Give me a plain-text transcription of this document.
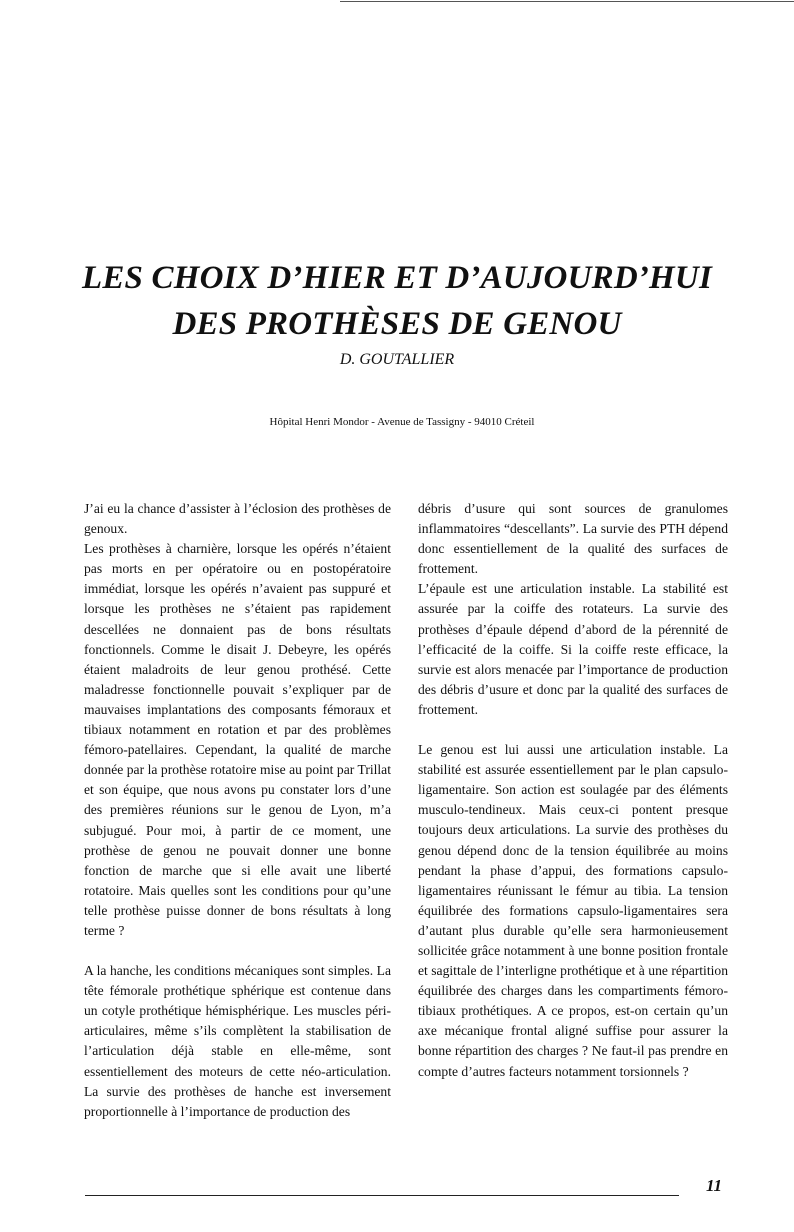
LES CHOIX D’HIER ET D’AUJOURD’HUI
DES PROTHÈSES DE GENOU

D. GOUTALLIER

Hôpital Henri Mondor - Avenue de Tassigny - 94010 Créteil

J’ai eu la chance d’assister à l’éclosion des prothèses de genoux.

Les prothèses à charnière, lorsque les opérés n’étaient pas morts en per opératoire ou en postopératoire immédiat, lorsque les opérés n’avaient pas suppuré et lorsque les prothèses ne s’étaient pas rapidement descellées ne donnaient pas de bons résultats fonctionnels. Comme le disait J. Debeyre, les opérés étaient maladroits de leur genou prothésé. Cette maladresse fonctionnelle pouvait s’expliquer par de mauvaises implantations des composants fémoraux et tibiaux notamment en rotation et par des problèmes fémoro-patellaires. Cependant, la qualité de marche donnée par la prothèse rotatoire mise au point par Trillat et son équipe, que nous avons pu constater lors d’une des premières réunions sur le genou de Lyon, m’a subjugué. Pour moi, à partir de ce moment, une prothèse de genou ne pouvait donner une bonne fonction de marche que si elle avait une liberté rotatoire. Mais quelles sont les conditions pour qu’une telle prothèse puisse donner de bons résultats à long terme ?

A la hanche, les conditions mécaniques sont simples. La tête fémorale prothétique sphérique est contenue dans un cotyle prothétique hémisphérique. Les muscles péri-articulaires, même s’ils complètent la stabilisation de l’articulation déjà stable en elle-même, sont essentiellement des moteurs de cette néo-articulation. La survie des prothèses de hanche est inversement proportionnelle à l’importance de production des

débris d’usure qui sont sources de granulomes inflammatoires “descellants”. La survie des PTH dépend donc essentiellement de la qualité des surfaces de frottement.

L’épaule est une articulation instable. La stabilité est assurée par la coiffe des rotateurs. La survie des prothèses d’épaule dépend d’abord de la pérennité de l’efficacité de la coiffe. Si la coiffe reste efficace, la survie est alors menacée par l’importance de production des débris d’usure et donc par la qualité des surfaces de frottement.

Le genou est lui aussi une articulation instable. La stabilité est assurée essentiellement par le plan capsulo-ligamentaire. Son action est soulagée par des éléments musculo-tendineux. Mais ceux-ci pontent presque toujours deux articulations. La survie des prothèses du genou dépend donc de la tension équilibrée au moins pendant la phase d’appui, des formations capsulo-ligamentaires réunissant le fémur au tibia. La tension équilibrée des formations capsulo-ligamentaires sera d’autant plus durable qu’elle sera harmonieusement sollicitée grâce notamment à une bonne position frontale et sagittale de l’interligne prothétique et à une répartition équilibrée des charges dans les compartiments fémoro-tibiaux prothétiques. A ce propos, est-on certain qu’un axe mécanique frontal aligné suffise pour assurer la bonne répartition des charges ? Ne faut-il pas prendre en compte d’autres facteurs notamment torsionnels ?

11
